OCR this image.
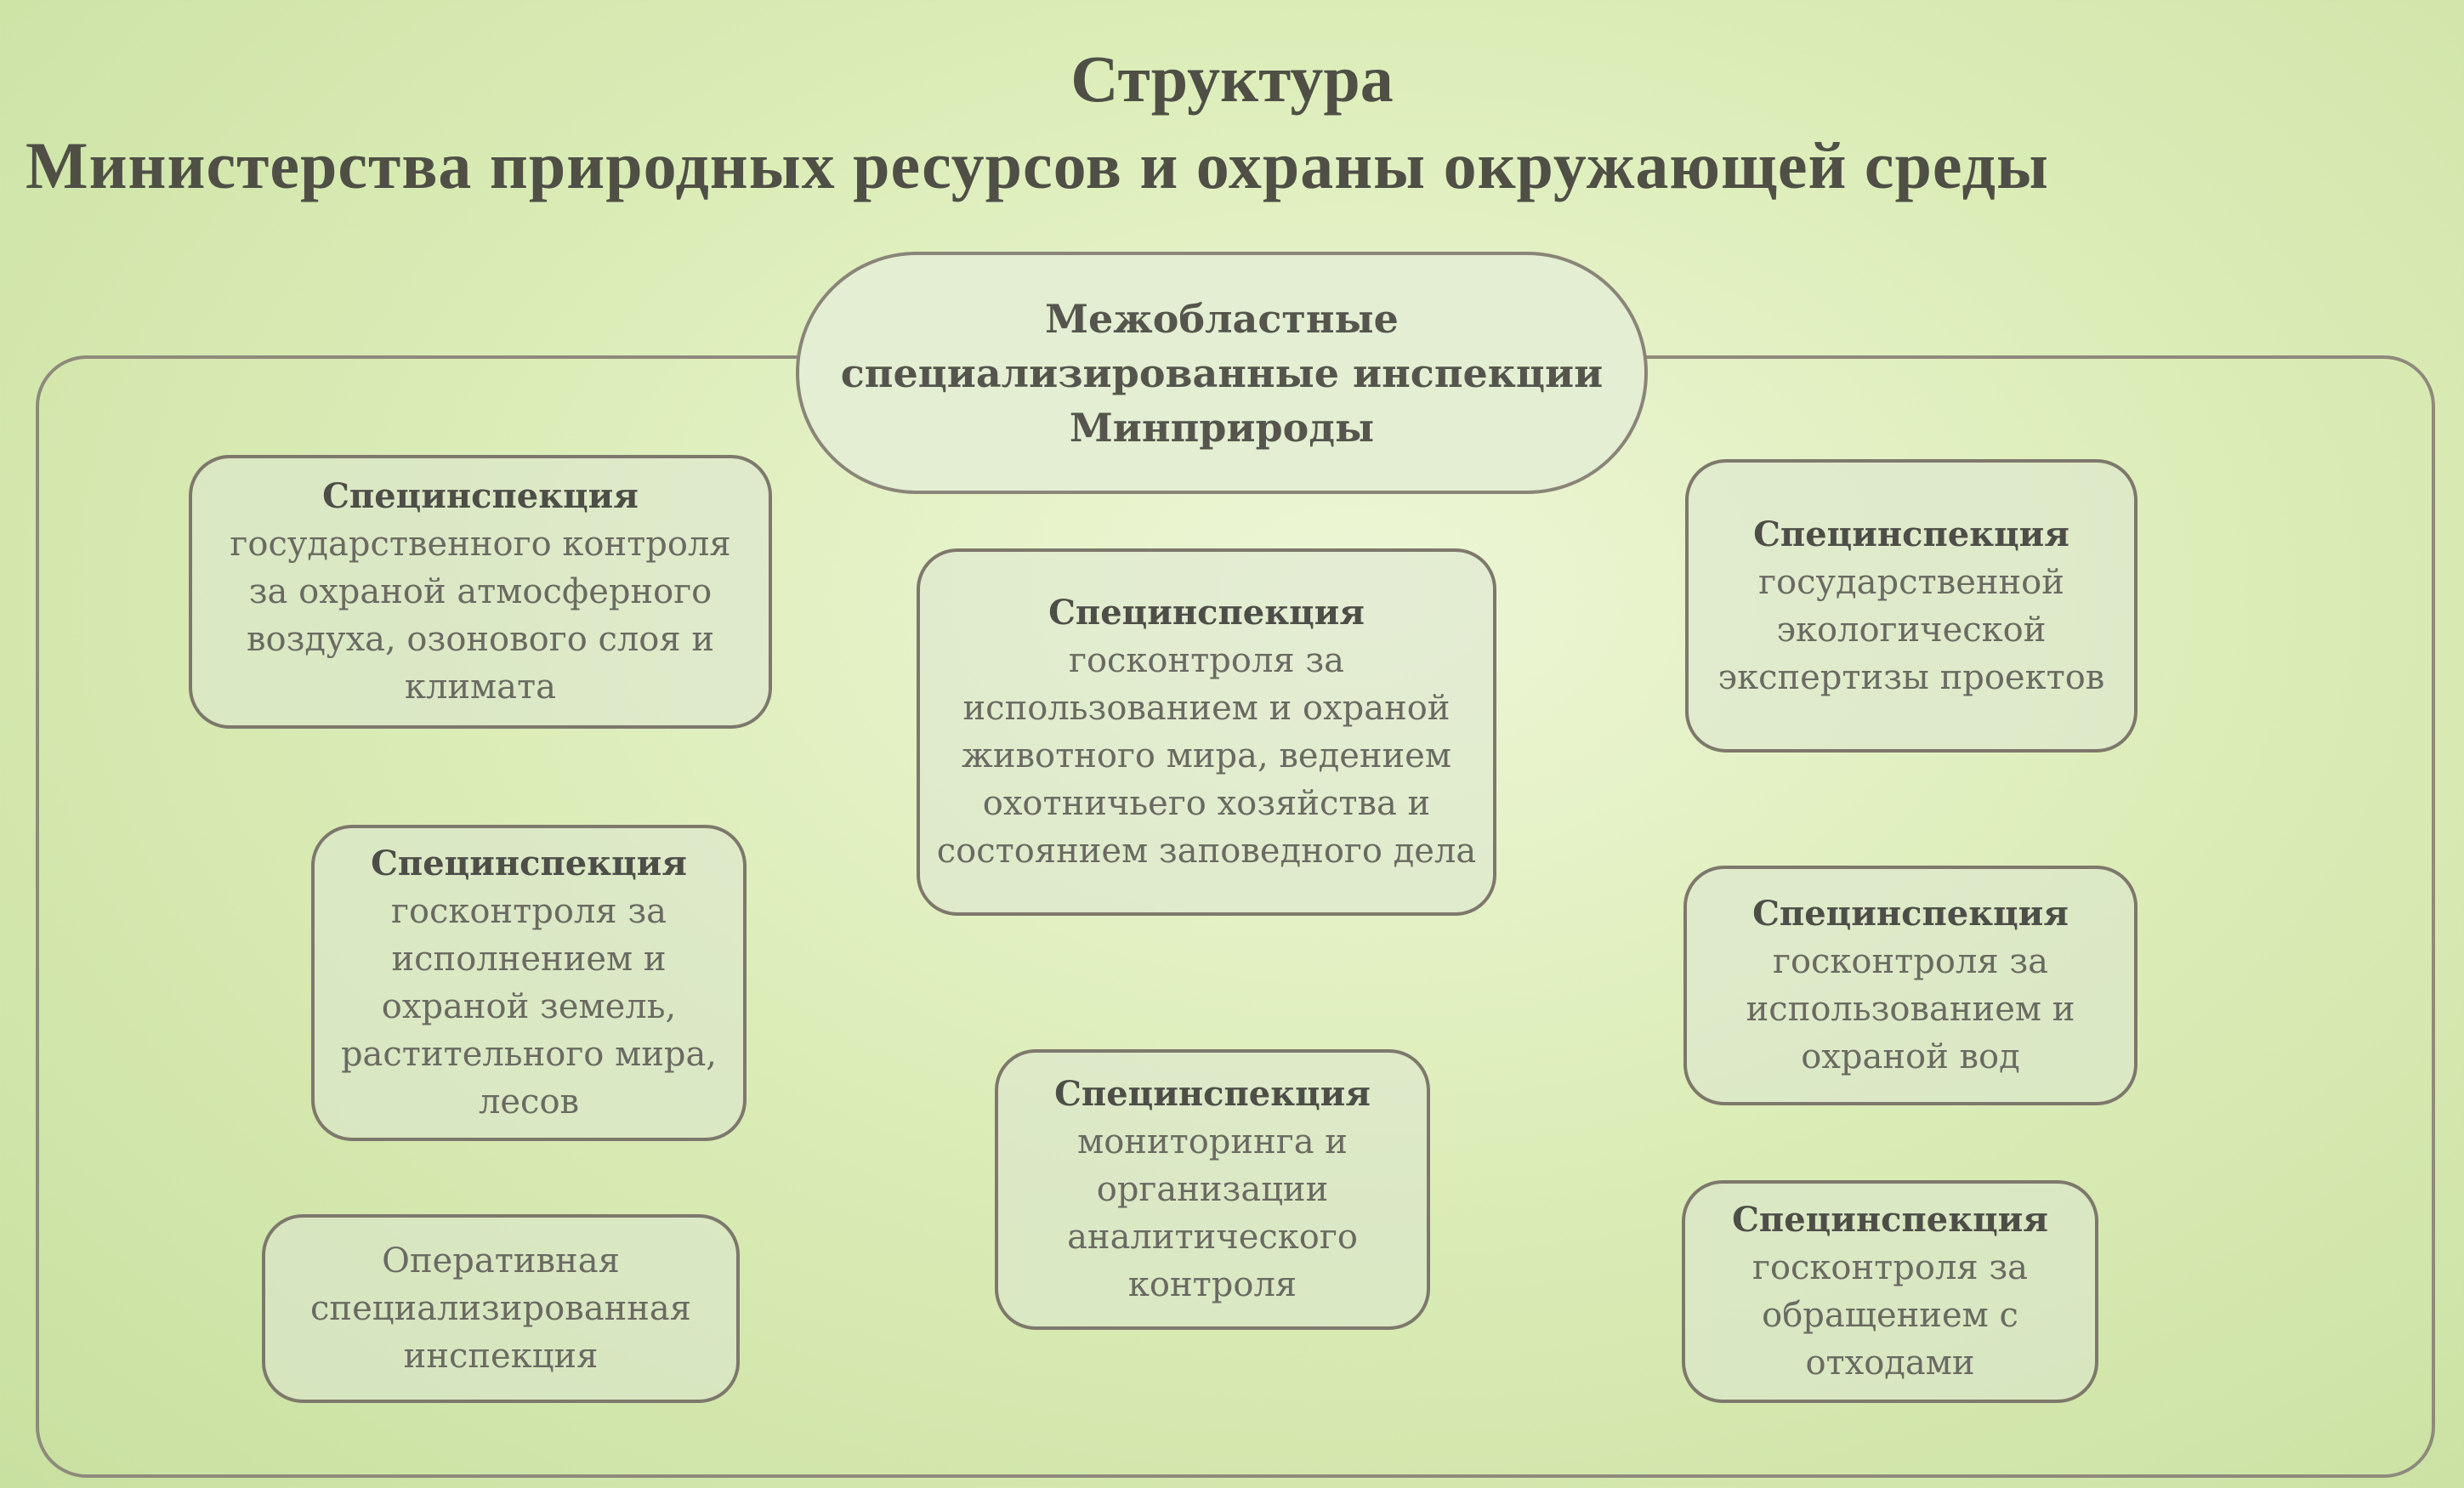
Структура
Министерства природных ресурсов и охраны окружающей среды
Межобластные специализированные инспекции Минприроды
Специнспекция
государственного контроля за охраной атмосферного воздуха, озонового слоя и климата
Специнспекция
госконтроля за исполнением и охраной земель, растительного мира, лесов
Оперативная специализированная инспекция
Специнспекция
госконтроля за использованием и охраной животного мира, ведением охотничьего хозяйства и состоянием заповедного дела
Специнспекция
мониторинга и организации аналитического контроля
Специнспекция
государственной экологической экспертизы проектов
Специнспекция
госконтроля за использованием и охраной вод
Специнспекция
госконтроля за обращением с отходами
